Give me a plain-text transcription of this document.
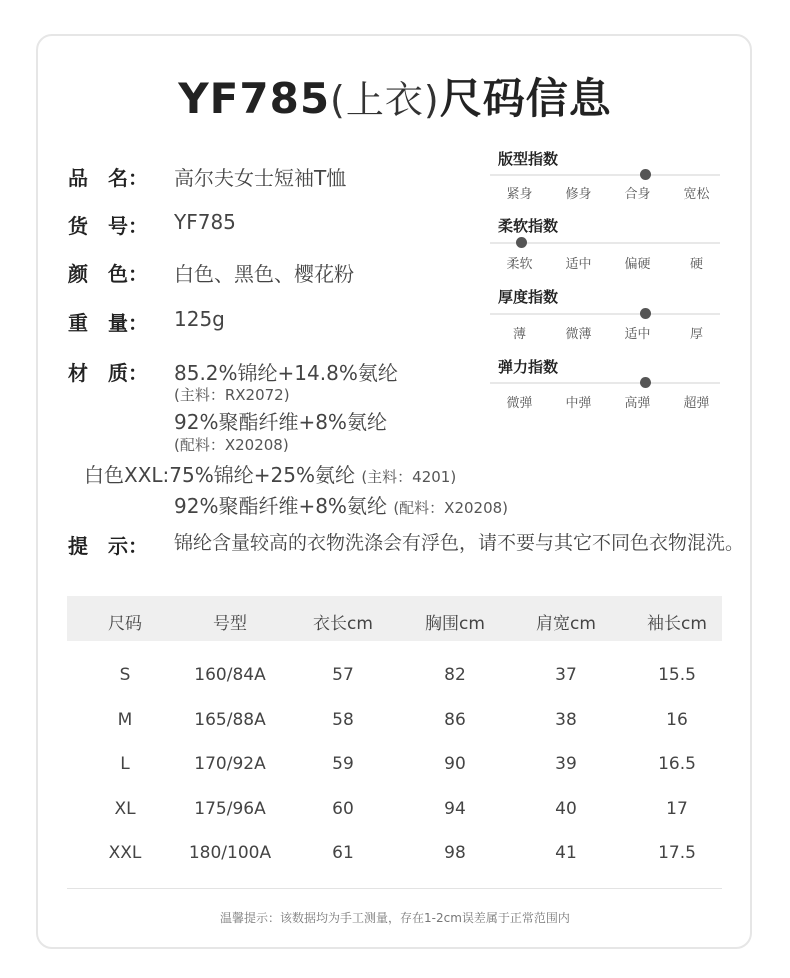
YF785(上衣)尺码信息
品 名： 高尔夫女士短袖T恤
货 号： YF785
颜 色： 白色、黑色、樱花粉
重 量： 125g
材 质： 85.2%锦纶+14.8%氨纶
(主料：RX2072)
92%聚酯纤维+8%氨纶
(配料：X20208)
白色XXL:75%锦纶+25%氨纶 (主料：4201)
92%聚酯纤维+8%氨纶 (配料：X20208)
版型指数
紧身	修身	合身	宽松
柔软指数
柔软	适中	偏硬	硬
厚度指数
薄	微薄	适中	厚
弹力指数
微弹	中弹	高弹	超弹
提 示： 锦纶含量较高的衣物洗涤会有浮色，请不要与其它不同色衣物混洗。
尺码	号型	衣长cm	胸围cm	肩宽cm	袖长cm
S	160/84A	57	82	37	15.5
M	165/88A	58	86	38	16
L	170/92A	59	90	39	16.5
XL	175/96A	60	94	40	17
XXL	180/100A	61	98	41	17.5
温馨提示：该数据均为手工测量，存在1-2cm误差属于正常范围内
